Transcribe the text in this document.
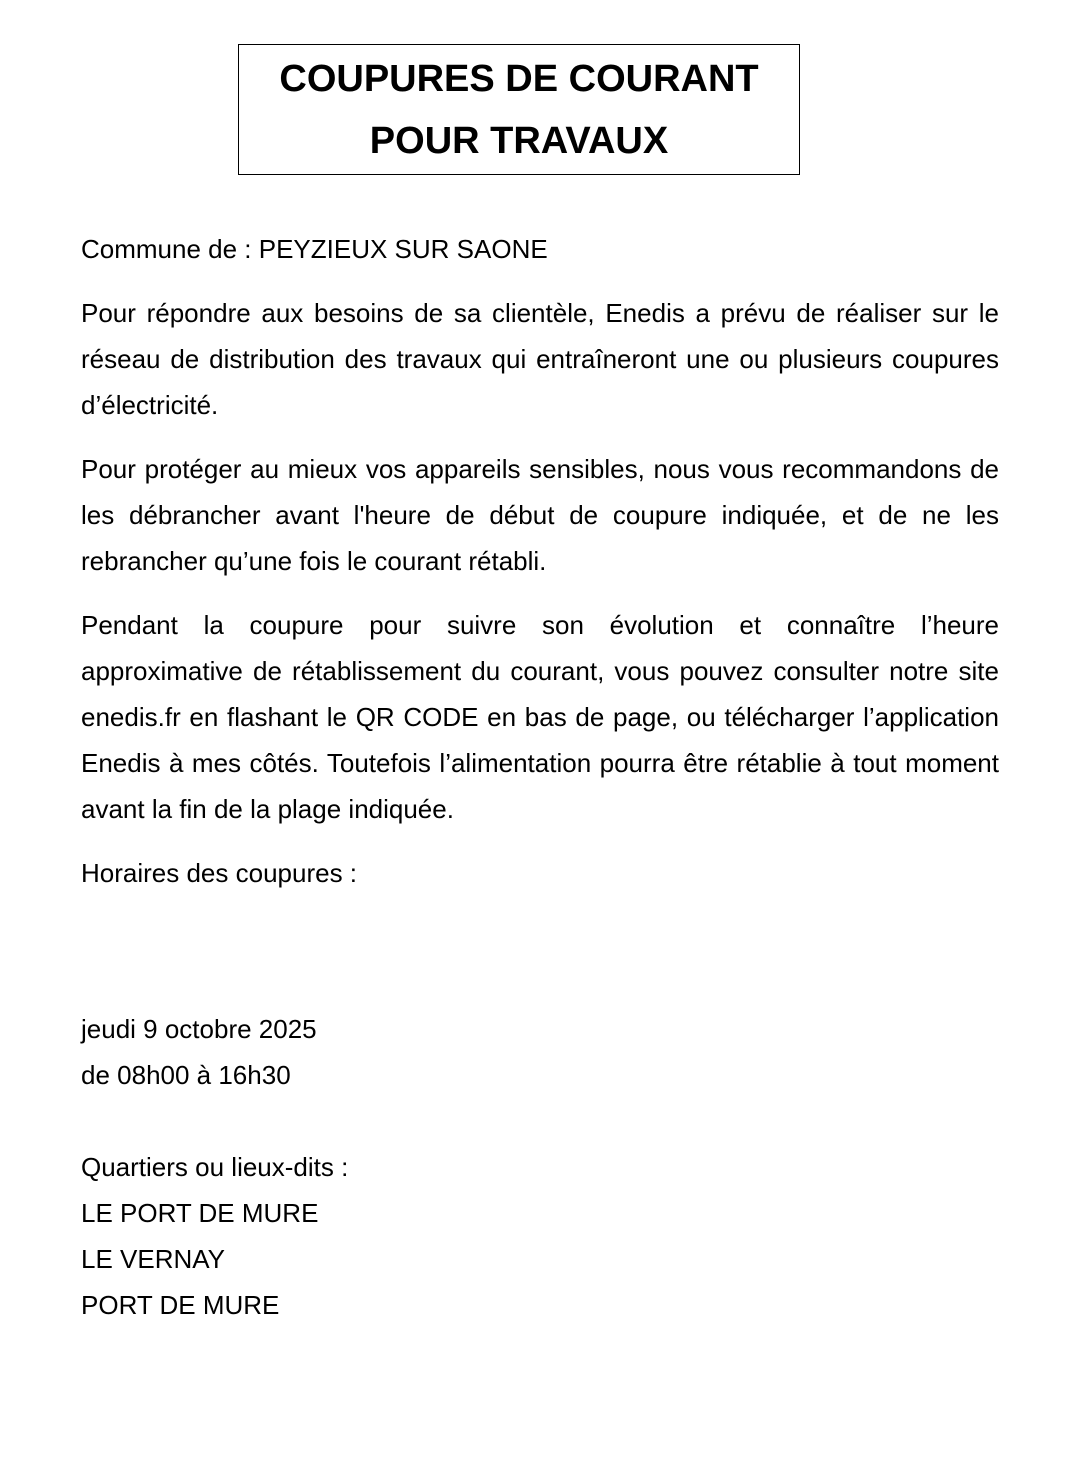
COUPURES DE COURANT
POUR TRAVAUX

Commune de : PEYZIEUX SUR SAONE

Pour répondre aux besoins de sa clientèle, Enedis a prévu de réaliser sur le réseau de distribution des travaux qui entraîneront une ou plusieurs coupures d’électricité.

Pour protéger au mieux vos appareils sensibles, nous vous recommandons de les débrancher avant l'heure de début de coupure indiquée, et de ne les rebrancher qu’une fois le courant rétabli.

Pendant la coupure pour suivre son évolution et connaître l’heure approximative de rétablissement du courant, vous pouvez consulter notre site enedis.fr en flashant le QR CODE en bas de page, ou télécharger l’application Enedis à mes côtés. Toutefois l’alimentation pourra être rétablie à tout moment avant la fin de la plage indiquée.

Horaires des coupures :

jeudi 9 octobre 2025
de 08h00 à 16h30
Quartiers ou lieux-dits :
LE PORT DE MURE
LE VERNAY
PORT DE MURE
